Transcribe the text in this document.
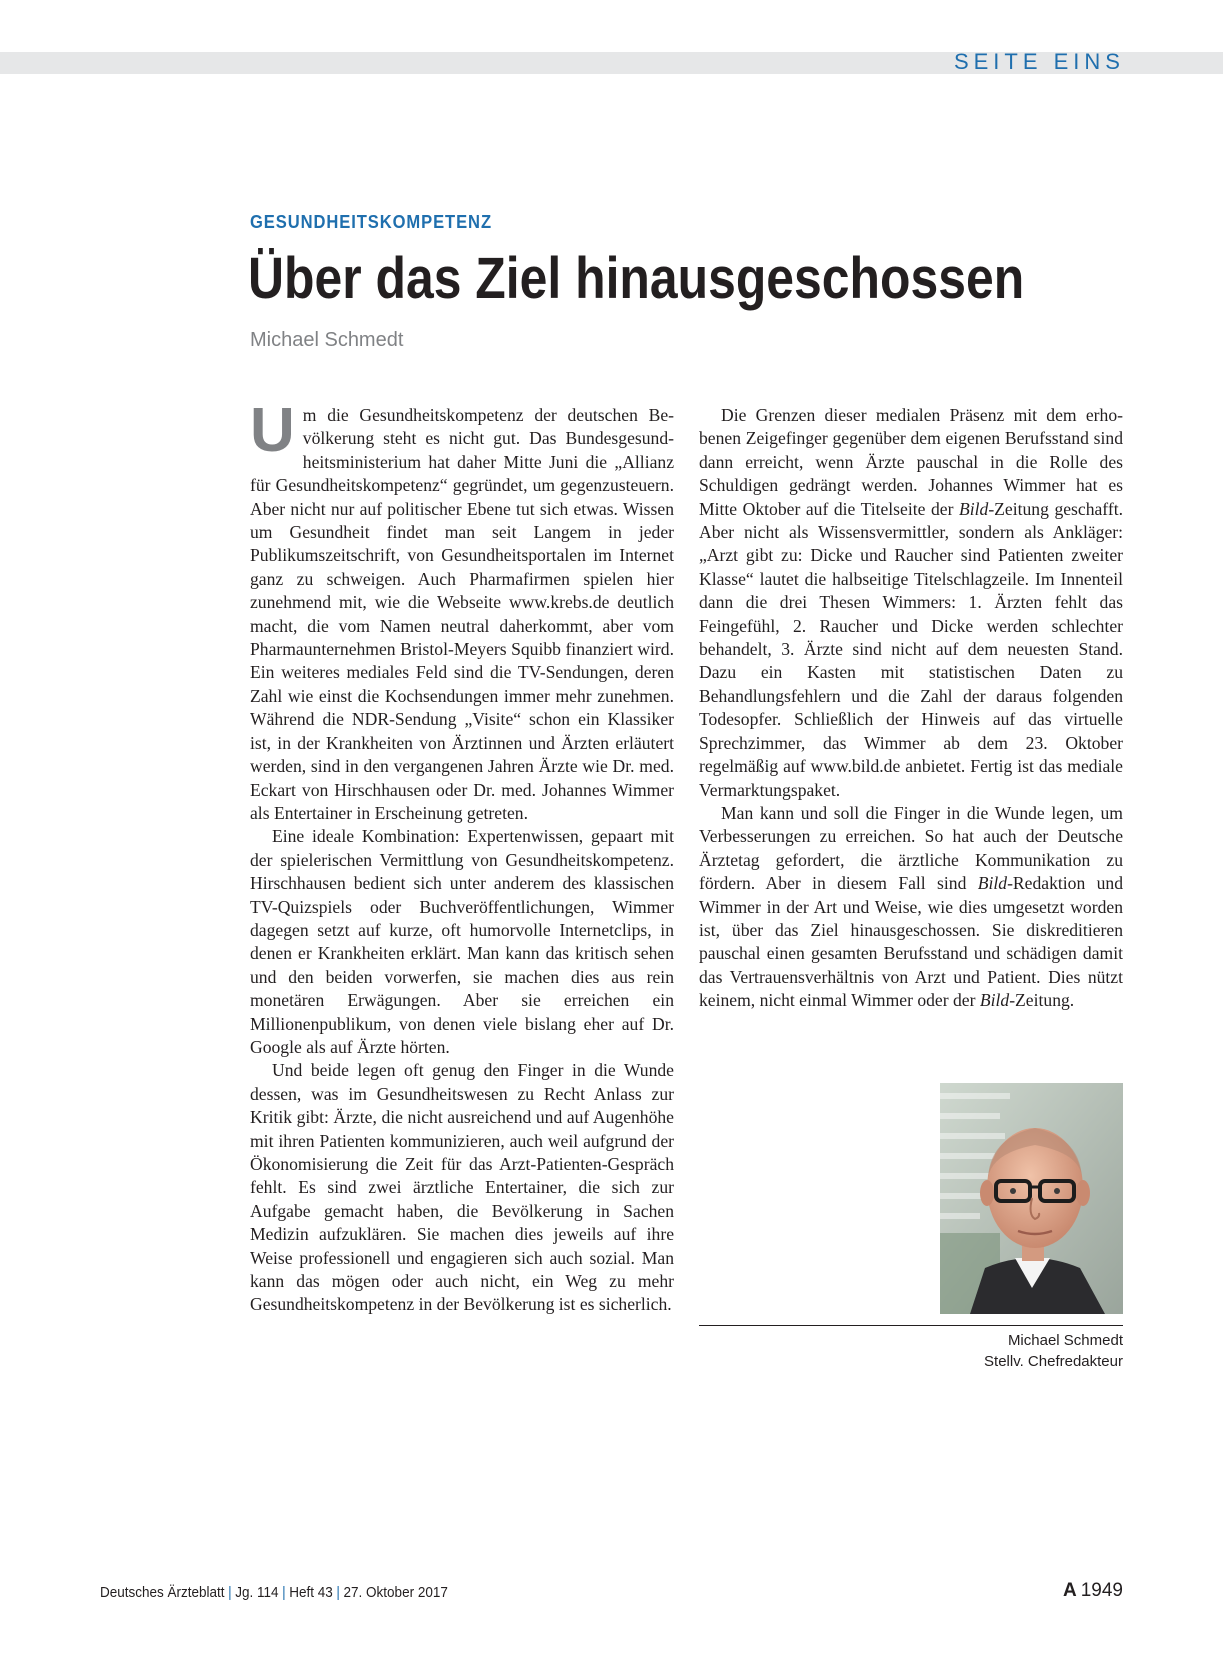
SEITE EINS
GESUNDHEITSKOMPETENZ
Über das Ziel hinausgeschossen
Michael Schmedt

Um die Gesundheitskompetenz der deutschen Bevölkerung steht es nicht gut. Das Bundesgesundheitsministerium hat daher Mitte Juni die „Allianz für Gesundheitskompetenz“ gegründet, um gegenzusteuern. Aber nicht nur auf politischer Ebene tut sich etwas. Wissen um Gesundheit findet man seit Langem in jeder Publikumszeitschrift, von Gesundheitsportalen im Internet ganz zu schweigen. Auch Pharmafirmen spielen hier zunehmend mit, wie die Webseite www.krebs.de deutlich macht, die vom Namen neutral daherkommt, aber vom Pharmaunternehmen Bristol-Meyers Squibb finanziert wird. Ein weiteres mediales Feld sind die TV-Sendungen, deren Zahl wie einst die Kochsendungen immer mehr zunehmen. Während die NDR-Sendung „Visite“ schon ein Klassiker ist, in der Krankheiten von Ärztinnen und Ärzten erläutert werden, sind in den vergangenen Jahren Ärzte wie Dr. med. Eckart von Hirschhausen oder Dr. med. Johannes Wimmer als Entertainer in Erscheinung getreten.

Eine ideale Kombination: Expertenwissen, gepaart mit der spielerischen Vermittlung von Gesundheitskompetenz. Hirschhausen bedient sich unter anderem des klassischen TV-Quizspiels oder Buchveröffentlichungen, Wimmer dagegen setzt auf kurze, oft humorvolle Internetclips, in denen er Krankheiten erklärt. Man kann das kritisch sehen und den beiden vorwerfen, sie machen dies aus rein monetären Erwägungen. Aber sie erreichen ein Millionenpublikum, von denen viele bislang eher auf Dr. Google als auf Ärzte hörten.

Und beide legen oft genug den Finger in die Wunde dessen, was im Gesundheitswesen zu Recht Anlass zur Kritik gibt: Ärzte, die nicht ausreichend und auf Augenhöhe mit ihren Patienten kommunizieren, auch weil aufgrund der Ökonomisierung die Zeit für das Arzt-Patienten-Gespräch fehlt. Es sind zwei ärztliche Entertainer, die sich zur Aufgabe gemacht haben, die Bevölkerung in Sachen Medizin aufzuklären. Sie machen dies jeweils auf ihre Weise professionell und engagieren sich auch sozial. Man kann das mögen oder auch nicht, ein Weg zu mehr Gesundheitskompetenz in der Bevölkerung ist es sicherlich.

Die Grenzen dieser medialen Präsenz mit dem erhobenen Zeigefinger gegenüber dem eigenen Berufsstand sind dann erreicht, wenn Ärzte pauschal in die Rolle des Schuldigen gedrängt werden. Johannes Wimmer hat es Mitte Oktober auf die Titelseite der Bild-Zeitung geschafft. Aber nicht als Wissensvermittler, sondern als Ankläger: „Arzt gibt zu: Dicke und Raucher sind Patienten zweiter Klasse“ lautet die halbseitige Titelschlagzeile. Im Innenteil dann die drei Thesen Wimmers: 1. Ärzten fehlt das Feingefühl, 2. Raucher und Dicke werden schlechter behandelt, 3. Ärzte sind nicht auf dem neuesten Stand. Dazu ein Kasten mit statistischen Daten zu Behandlungsfehlern und die Zahl der daraus folgenden Todesopfer. Schließlich der Hinweis auf das virtuelle Sprechzimmer, das Wimmer ab dem 23. Oktober regelmäßig auf www.bild.de anbietet. Fertig ist das mediale Vermarktungspaket.

Man kann und soll die Finger in die Wunde legen, um Verbesserungen zu erreichen. So hat auch der Deutsche Ärztetag gefordert, die ärztliche Kommunikation zu fördern. Aber in diesem Fall sind Bild-Redaktion und Wimmer in der Art und Weise, wie dies umgesetzt worden ist, über das Ziel hinausgeschossen. Sie diskreditieren pauschal einen gesamten Berufsstand und schädigen damit das Vertrauensverhältnis von Arzt und Patient. Dies nützt keinem, nicht einmal Wimmer oder der Bild-Zeitung.

Michael Schmedt
Stellv. Chefredakteur
Deutsches Ärzteblatt | Jg. 114 | Heft 43 | 27. Oktober 2017	A 1949
